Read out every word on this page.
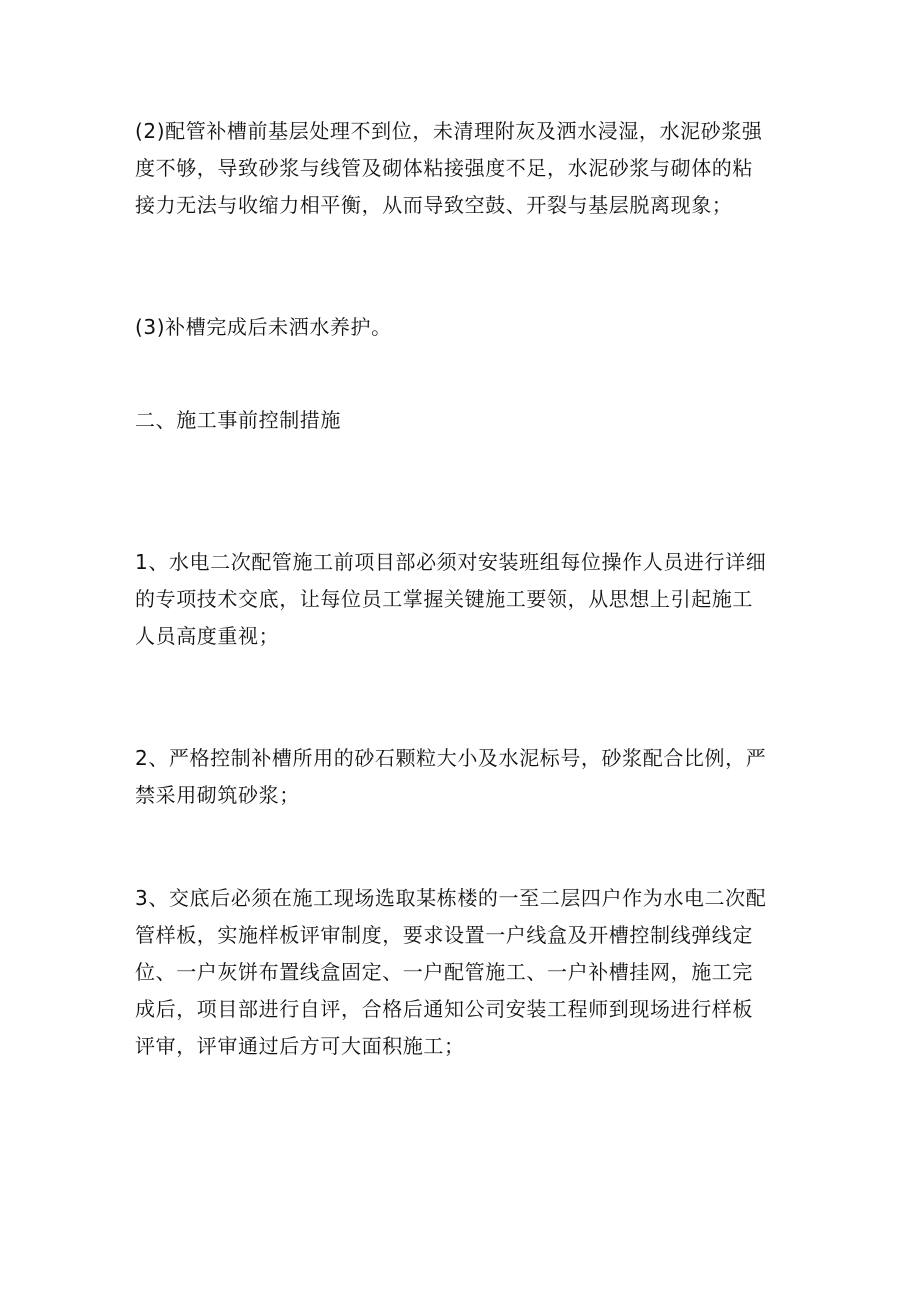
(2)配管补槽前基层处理不到位，未清理附灰及洒水浸湿，水泥砂浆强
度不够，导致砂浆与线管及砌体粘接强度不足，水泥砂浆与砌体的粘
接力无法与收缩力相平衡，从而导致空鼓、开裂与基层脱离现象；

(3)补槽完成后未洒水养护。

二、施工事前控制措施

1、水电二次配管施工前项目部必须对安装班组每位操作人员进行详细
的专项技术交底，让每位员工掌握关键施工要领，从思想上引起施工
人员高度重视；

2、严格控制补槽所用的砂石颗粒大小及水泥标号，砂浆配合比例，严
禁采用砌筑砂浆；

3、交底后必须在施工现场选取某栋楼的一至二层四户作为水电二次配
管样板，实施样板评审制度，要求设置一户线盒及开槽控制线弹线定
位、一户灰饼布置线盒固定、一户配管施工、一户补槽挂网，施工完
成后，项目部进行自评，合格后通知公司安装工程师到现场进行样板
评审，评审通过后方可大面积施工；
